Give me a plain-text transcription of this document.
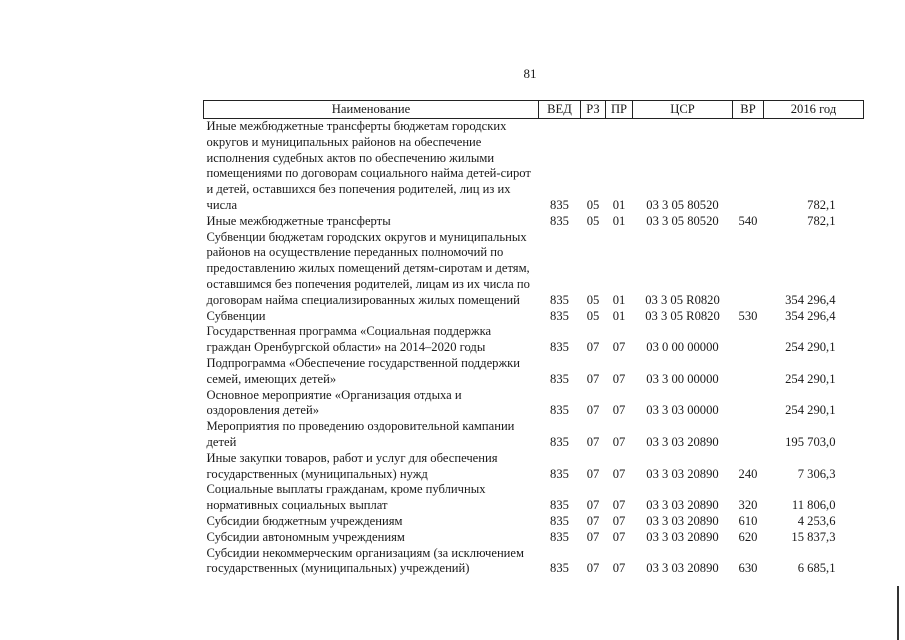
81
Наименование	ВЕД	РЗ	ПР	ЦСР	ВР	2016 год
Иные межбюджетные трансферты бюджетам городских округов и муниципальных районов на обеспечение исполнения судебных актов по обеспечению жилыми помещениями по договорам социального найма детей-сирот и детей, оставшихся без попечения родителей, лиц из их числа	835	05	01	03 3 05 80520		782,1
Иные межбюджетные трансферты	835	05	01	03 3 05 80520	540	782,1
Субвенции бюджетам городских округов и муниципальных районов на осуществление переданных полномочий по предоставлению жилых помещений детям-сиротам и детям, оставшимся без попечения родителей, лицам из их числа по договорам найма специализированных жилых помещений	835	05	01	03 3 05 R0820		354 296,4
Субвенции	835	05	01	03 3 05 R0820	530	354 296,4
Государственная программа «Социальная поддержка граждан Оренбургской области» на 2014–2020 годы	835	07	07	03 0 00 00000		254 290,1
Подпрограмма «Обеспечение государственной поддержки семей, имеющих детей»	835	07	07	03 3 00 00000		254 290,1
Основное мероприятие «Организация отдыха и оздоровления детей»	835	07	07	03 3 03 00000		254 290,1
Мероприятия по проведению оздоровительной кампании детей	835	07	07	03 3 03 20890		195 703,0
Иные закупки товаров, работ и услуг для обеспечения государственных (муниципальных) нужд	835	07	07	03 3 03 20890	240	7 306,3
Социальные выплаты гражданам, кроме публичных нормативных социальных выплат	835	07	07	03 3 03 20890	320	11 806,0
Субсидии бюджетным учреждениям	835	07	07	03 3 03 20890	610	4 253,6
Субсидии автономным учреждениям	835	07	07	03 3 03 20890	620	15 837,3
Субсидии некоммерческим организациям (за исключением государственных (муниципальных) учреждений)	835	07	07	03 3 03 20890	630	6 685,1
